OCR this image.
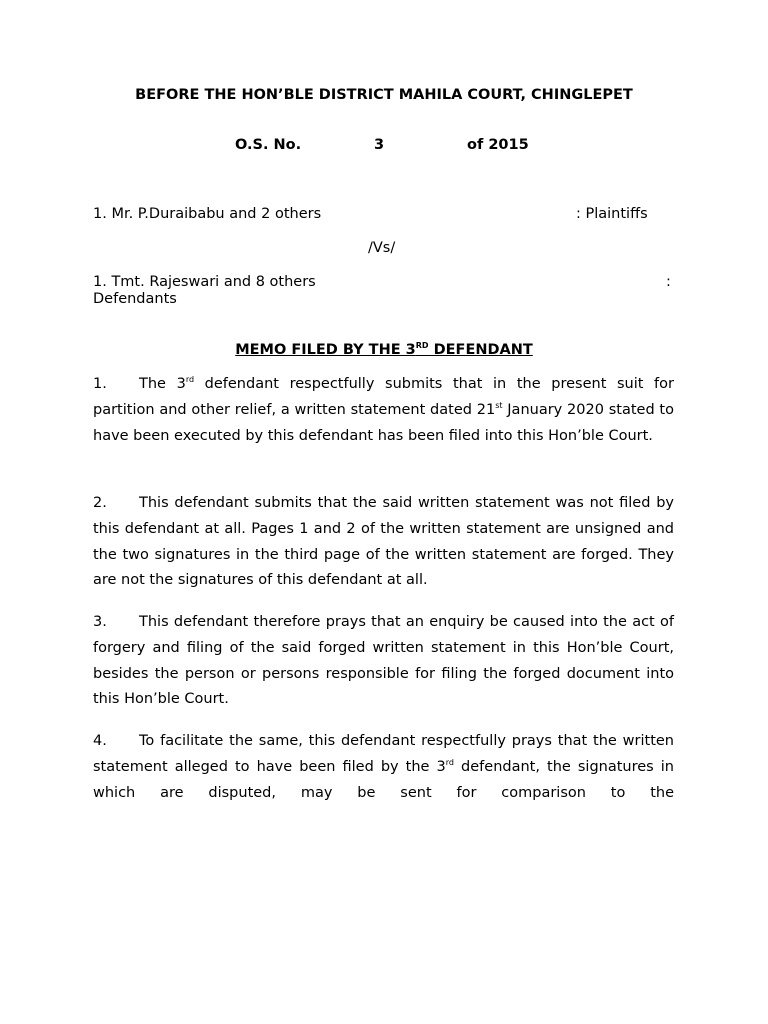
BEFORE THE HON’BLE DISTRICT MAHILA COURT, CHINGLEPET
O.S. No.	3	of 2015
1. Mr. P.Duraibabu and 2 others	: Plaintiffs
/Vs/
1. Tmt. Rajeswari and 8 others	:
Defendants
MEMO FILED BY THE 3RD DEFENDANT

1. The 3rd defendant respectfully submits that in the present suit for partition and other relief, a written statement dated 21st January 2020 stated to have been executed by this defendant has been filed into this Hon’ble Court.

2. This defendant submits that the said written statement was not filed by this defendant at all. Pages 1 and 2 of the written statement are unsigned and the two signatures in the third page of the written statement are forged. They are not the signatures of this defendant at all.

3. This defendant therefore prays that an enquiry be caused into the act of forgery and filing of the said forged written statement in this Hon’ble Court, besides the person or persons responsible for filing the forged document into this Hon’ble Court.

4. To facilitate the same, this defendant respectfully prays that the written statement alleged to have been filed by the 3rd defendant, the signatures in which are disputed, may be sent for comparison to the
